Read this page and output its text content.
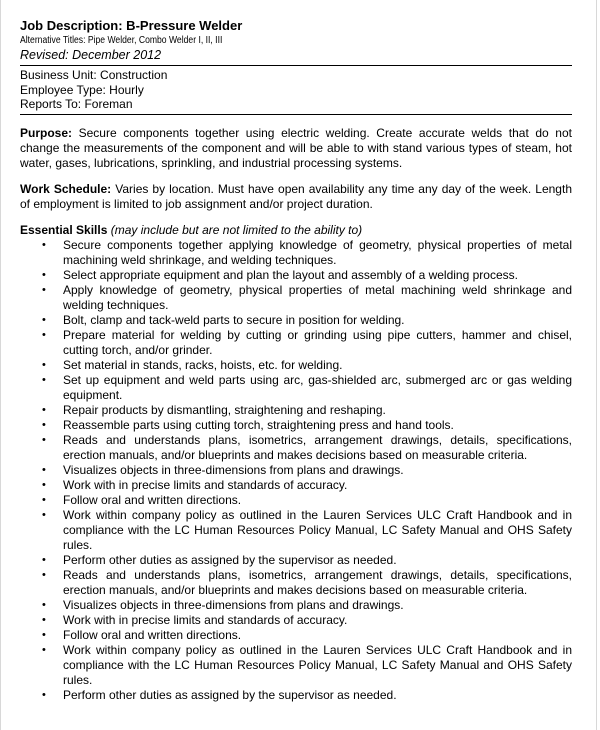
Job Description: B-Pressure Welder
Alternative Titles: Pipe Welder, Combo Welder I, II, III
Revised: December 2012
Business Unit: Construction
Employee Type: Hourly
Reports To: Foreman
Purpose: Secure components together using electric welding. Create accurate welds that do not change the measurements of the component and will be able to with stand various types of steam, hot water, gases, lubrications, sprinkling, and industrial processing systems.
Work Schedule: Varies by location. Must have open availability any time any day of the week. Length of employment is limited to job assignment and/or project duration.
Essential Skills (may include but are not limited to the ability to)
• Secure components together applying knowledge of geometry, physical properties of metal machining weld shrinkage, and welding techniques.
• Select appropriate equipment and plan the layout and assembly of a welding process.
• Apply knowledge of geometry, physical properties of metal machining weld shrinkage and welding techniques.
• Bolt, clamp and tack-weld parts to secure in position for welding.
• Prepare material for welding by cutting or grinding using pipe cutters, hammer and chisel, cutting torch, and/or grinder.
• Set material in stands, racks, hoists, etc. for welding.
• Set up equipment and weld parts using arc, gas-shielded arc, submerged arc or gas welding equipment.
• Repair products by dismantling, straightening and reshaping.
• Reassemble parts using cutting torch, straightening press and hand tools.
• Reads and understands plans, isometrics, arrangement drawings, details, specifications, erection manuals, and/or blueprints and makes decisions based on measurable criteria.
• Visualizes objects in three-dimensions from plans and drawings.
• Work with in precise limits and standards of accuracy.
• Follow oral and written directions.
• Work within company policy as outlined in the Lauren Services ULC Craft Handbook and in compliance with the LC Human Resources Policy Manual, LC Safety Manual and OHS Safety rules.
• Perform other duties as assigned by the supervisor as needed.
• Reads and understands plans, isometrics, arrangement drawings, details, specifications, erection manuals, and/or blueprints and makes decisions based on measurable criteria.
• Visualizes objects in three-dimensions from plans and drawings.
• Work with in precise limits and standards of accuracy.
• Follow oral and written directions.
• Work within company policy as outlined in the Lauren Services ULC Craft Handbook and in compliance with the LC Human Resources Policy Manual, LC Safety Manual and OHS Safety rules.
• Perform other duties as assigned by the supervisor as needed.
